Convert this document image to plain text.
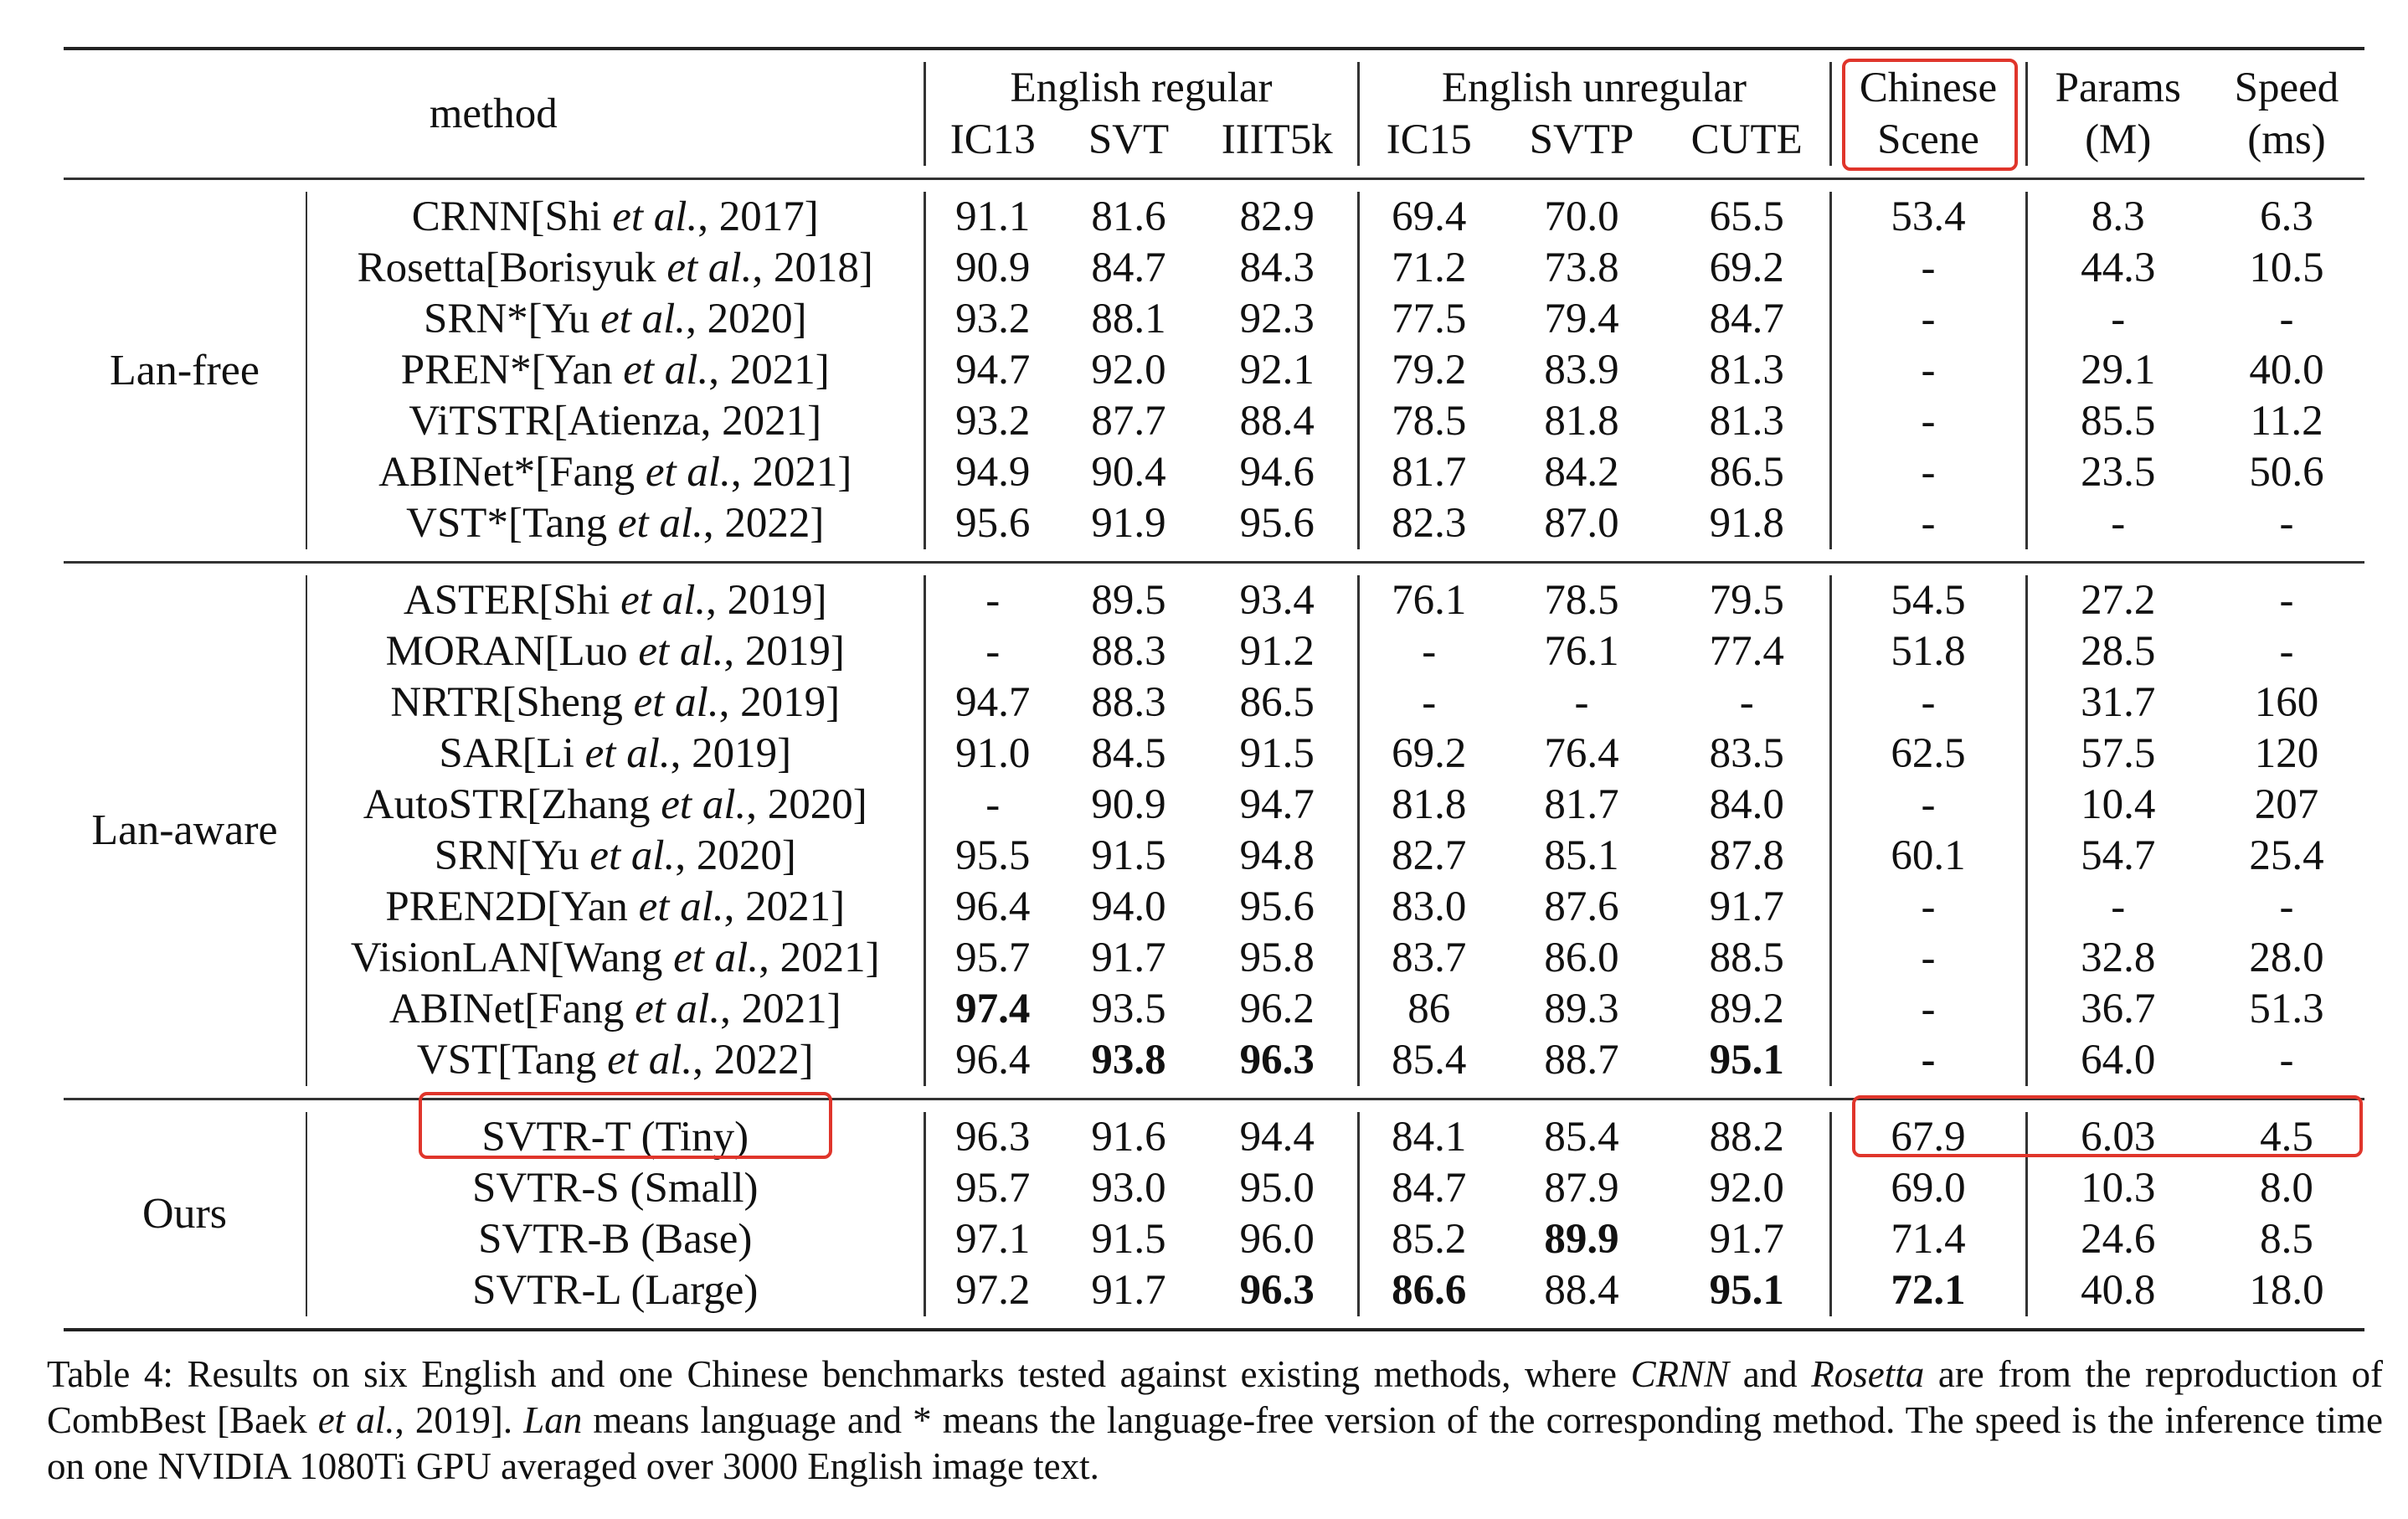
method		English regular			English unregular			Chinese	Params	Speed
		IC13	SVT	IIIT5k	IC15	SVTP	CUTE	Scene	(M)	(ms)

Lan-free	CRNN[Shi et al., 2017]	91.1	81.6	82.9	69.4	70.0	65.5	53.4	8.3	6.3
	Rosetta[Borisyuk et al., 2018]	90.9	84.7	84.3	71.2	73.8	69.2	-	44.3	10.5
	SRN*[Yu et al., 2020]	93.2	88.1	92.3	77.5	79.4	84.7	-	-	-
	PREN*[Yan et al., 2021]	94.7	92.0	92.1	79.2	83.9	81.3	-	29.1	40.0
	ViTSTR[Atienza, 2021]	93.2	87.7	88.4	78.5	81.8	81.3	-	85.5	11.2
	ABINet*[Fang et al., 2021]	94.9	90.4	94.6	81.7	84.2	86.5	-	23.5	50.6
	VST*[Tang et al., 2022]	95.6	91.9	95.6	82.3	87.0	91.8	-	-	-

Lan-aware	ASTER[Shi et al., 2019]	-	89.5	93.4	76.1	78.5	79.5	54.5	27.2	-
	MORAN[Luo et al., 2019]	-	88.3	91.2	-	76.1	77.4	51.8	28.5	-
	NRTR[Sheng et al., 2019]	94.7	88.3	86.5	-	-	-	-	31.7	160
	SAR[Li et al., 2019]	91.0	84.5	91.5	69.2	76.4	83.5	62.5	57.5	120
	AutoSTR[Zhang et al., 2020]	-	90.9	94.7	81.8	81.7	84.0	-	10.4	207
	SRN[Yu et al., 2020]	95.5	91.5	94.8	82.7	85.1	87.8	60.1	54.7	25.4
	PREN2D[Yan et al., 2021]	96.4	94.0	95.6	83.0	87.6	91.7	-	-	-
	VisionLAN[Wang et al., 2021]	95.7	91.7	95.8	83.7	86.0	88.5	-	32.8	28.0
	ABINet[Fang et al., 2021]	97.4	93.5	96.2	86	89.3	89.2	-	36.7	51.3
	VST[Tang et al., 2022]	96.4	93.8	96.3	85.4	88.7	95.1	-	64.0	-

Ours	SVTR-T (Tiny)	96.3	91.6	94.4	84.1	85.4	88.2	67.9	6.03	4.5
	SVTR-S (Small)	95.7	93.0	95.0	84.7	87.9	92.0	69.0	10.3	8.0
	SVTR-B (Base)	97.1	91.5	96.0	85.2	89.9	91.7	71.4	24.6	8.5
	SVTR-L (Large)	97.2	91.7	96.3	86.6	88.4	95.1	72.1	40.8	18.0

Table 4: Results on six English and one Chinese benchmarks tested against existing methods, where CRNN and Rosetta are from the reproduction of CombBest [Baek et al., 2019]. Lan means language and * means the language-free version of the corresponding method. The speed is the inference time on one NVIDIA 1080Ti GPU averaged over 3000 English image text.
